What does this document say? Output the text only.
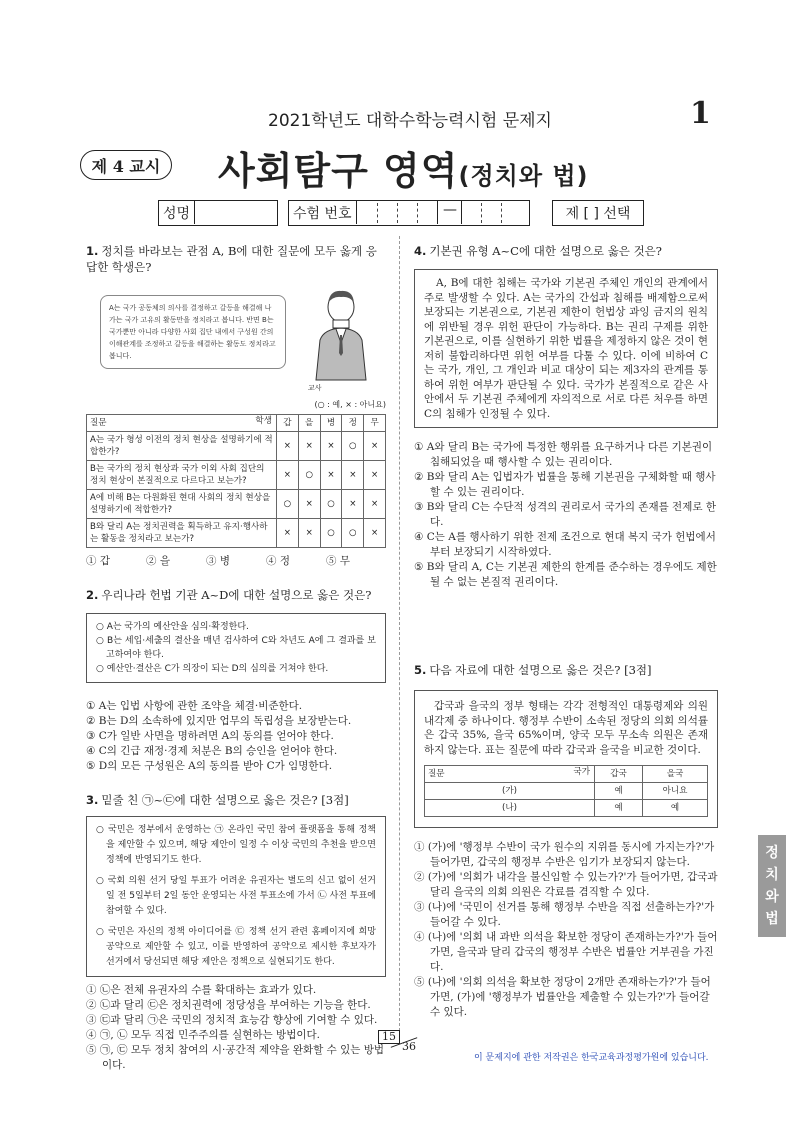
2021학년도 대학수학능력시험 문제지	1
제 4 교시	사회탐구 영역(정치와 법)
성명	수험 번호	—	제 [ ] 선택
1. 정치를 바라보는 관점 A, B에 대한 질문에 모두 옳게 응답한 학생은?
A는 국가 공동체의 의사를 결정하고 갈등을 해결해 나가는 국가 고유의 활동만을 정치라고 봅니다. 반면 B는 국가뿐만 아니라 다양한 사회 집단 내에서 구성원 간의 이해관계를 조정하고 갈등을 해결하는 활동도 정치라고 봅니다.
교사
(○ : 예, × : 아니요)
질문 학생	갑	을	병	정	무
A는 국가 형성 이전의 정치 현상을 설명하기에 적합한가?	×	×	×	○	×
B는 국가의 정치 현상과 국가 이외 사회 집단의 정치 현상이 본질적으로 다르다고 보는가?	×	○	×	×	×
A에 비해 B는 다원화된 현대 사회의 정치 현상을 설명하기에 적합한가?	○	×	○	×	×
B와 달리 A는 정치권력을 획득하고 유지·행사하는 활동을 정치라고 보는가?	×	×	○	○	×
① 갑	② 을	③ 병	④ 정	⑤ 무
2. 우리나라 헌법 기관 A~D에 대한 설명으로 옳은 것은?
○ A는 국가의 예산안을 심의·확정한다.
○ B는 세입·세출의 결산을 매년 검사하여 C와 차년도 A에 그 결과를 보고하여야 한다.
○ 예산안·결산은 C가 의장이 되는 D의 심의를 거쳐야 한다.
① A는 입법 사항에 관한 조약을 체결·비준한다.
② B는 D의 소속하에 있지만 업무의 독립성을 보장받는다.
③ C가 일반 사면을 명하려면 A의 동의를 얻어야 한다.
④ C의 긴급 재정·경제 처분은 B의 승인을 얻어야 한다.
⑤ D의 모든 구성원은 A의 동의를 받아 C가 임명한다.
3. 밑줄 친 ㉠~㉢에 대한 설명으로 옳은 것은? [3점]
○ 국민은 정부에서 운영하는 ㉠ 온라인 국민 참여 플랫폼을 통해 정책을 제안할 수 있으며, 해당 제안이 일정 수 이상 국민의 추천을 받으면 정책에 반영되기도 한다.
○ 국회 의원 선거 당일 투표가 어려운 유권자는 별도의 신고 없이 선거일 전 5일부터 2일 동안 운영되는 사전 투표소에 가서 ㉡ 사전 투표에 참여할 수 있다.
○ 국민은 자신의 정책 아이디어를 ㉢ 정책 선거 관련 홈페이지에 희망 공약으로 제안할 수 있고, 이를 반영하여 공약으로 제시한 후보자가 선거에서 당선되면 해당 제안은 정책으로 실현되기도 한다.
① ㉡은 전체 유권자의 수를 확대하는 효과가 있다.
② ㉡과 달리 ㉢은 정치권력에 정당성을 부여하는 기능을 한다.
③ ㉢과 달리 ㉠은 국민의 정치적 효능감 향상에 기여할 수 있다.
④ ㉠, ㉡ 모두 직접 민주주의를 실현하는 방법이다.
⑤ ㉠, ㉢ 모두 정치 참여의 시·공간적 제약을 완화할 수 있는 방법이다.
4. 기본권 유형 A~C에 대한 설명으로 옳은 것은?
A, B에 대한 침해는 국가와 기본권 주체인 개인의 관계에서 주로 발생할 수 있다. A는 국가의 간섭과 침해를 배제함으로써 보장되는 기본권으로, 기본권 제한이 헌법상 과잉 금지의 원칙에 위반될 경우 위헌 판단이 가능하다. B는 권리 구제를 위한 기본권으로, 이를 실현하기 위한 법률을 제정하지 않은 것이 현저히 불합리하다면 위헌 여부를 다툴 수 있다. 이에 비하여 C는 국가, 개인, 그 개인과 비교 대상이 되는 제3자의 관계를 통하여 위헌 여부가 판단될 수 있다. 국가가 본질적으로 같은 사안에서 두 기본권 주체에게 자의적으로 서로 다른 처우를 하면 C의 침해가 인정될 수 있다.
① A와 달리 B는 국가에 특정한 행위를 요구하거나 다른 기본권이 침해되었을 때 행사할 수 있는 권리이다.
② B와 달리 A는 입법자가 법률을 통해 기본권을 구체화할 때 행사할 수 있는 권리이다.
③ B와 달리 C는 수단적 성격의 권리로서 국가의 존재를 전제로 한다.
④ C는 A를 행사하기 위한 전제 조건으로 현대 복지 국가 헌법에서부터 보장되기 시작하였다.
⑤ B와 달리 A, C는 기본권 제한의 한계를 준수하는 경우에도 제한될 수 없는 본질적 권리이다.
5. 다음 자료에 대한 설명으로 옳은 것은? [3점]
갑국과 을국의 정부 형태는 각각 전형적인 대통령제와 의원 내각제 중 하나이다. 행정부 수반이 소속된 정당의 의회 의석률은 갑국 35%, 을국 65%이며, 양국 모두 무소속 의원은 존재하지 않는다. 표는 질문에 따라 갑국과 을국을 비교한 것이다.
질문 국가	갑국	을국
(가)	예	아니요
(나)	예	예
① (가)에 '행정부 수반이 국가 원수의 지위를 동시에 가지는가?'가 들어가면, 갑국의 행정부 수반은 임기가 보장되지 않는다.
② (가)에 '의회가 내각을 불신임할 수 있는가?'가 들어가면, 갑국과 달리 을국의 의회 의원은 각료를 겸직할 수 있다.
③ (나)에 '국민이 선거를 통해 행정부 수반을 직접 선출하는가?'가 들어갈 수 있다.
④ (나)에 '의회 내 과반 의석을 확보한 정당이 존재하는가?'가 들어가면, 을국과 달리 갑국의 행정부 수반은 법률안 거부권을 가진다.
⑤ (나)에 '의회 의석을 확보한 정당이 2개만 존재하는가?'가 들어가면, (가)에 '행정부가 법률안을 제출할 수 있는가?'가 들어갈 수 있다.
정
치
와
법
15
36
이 문제지에 관한 저작권은 한국교육과정평가원에 있습니다.
